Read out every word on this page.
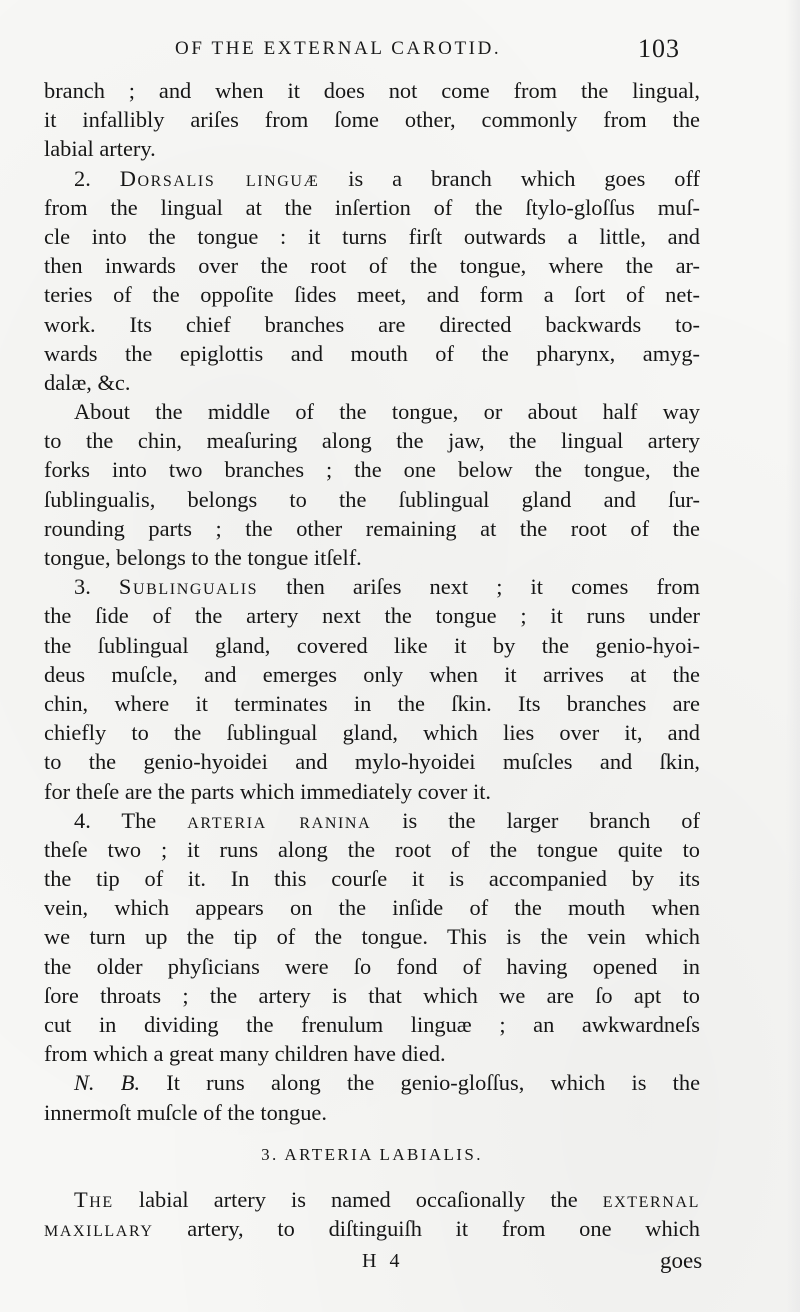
OF THE EXTERNAL CAROTID.	103

branch ; and when it does not come from the lingual,
it infallibly ariſes from ſome other, commonly from the
labial artery.

2. Dorsalis linguæ is a branch which goes off
from the lingual at the inſertion of the ſtylo-gloſſus muſ-
cle into the tongue : it turns firſt outwards a little, and
then inwards over the root of the tongue, where the ar-
teries of the oppoſite ſides meet, and form a ſort of net-
work. Its chief branches are directed backwards to-
wards the epiglottis and mouth of the pharynx, amyg-
dalæ, &c.

About the middle of the tongue, or about half way
to the chin, meaſuring along the jaw, the lingual artery
forks into two branches ; the one below the tongue, the
ſublingualis, belongs to the ſublingual gland and ſur-
rounding parts ; the other remaining at the root of the
tongue, belongs to the tongue itſelf.

3. Sublingualis then ariſes next ; it comes from
the ſide of the artery next the tongue ; it runs under
the ſublingual gland, covered like it by the genio-hyoi-
deus muſcle, and emerges only when it arrives at the
chin, where it terminates in the ſkin. Its branches are
chiefly to the ſublingual gland, which lies over it, and
to the genio-hyoidei and mylo-hyoidei muſcles and ſkin,
for theſe are the parts which immediately cover it.

4. The arteria ranina is the larger branch of
theſe two ; it runs along the root of the tongue quite to
the tip of it. In this courſe it is accompanied by its
vein, which appears on the inſide of the mouth when
we turn up the tip of the tongue. This is the vein which
the older phyſicians were ſo fond of having opened in
ſore throats ; the artery is that which we are ſo apt to
cut in dividing the frenulum linguæ ; an awkwardneſs
from which a great many children have died.

N. B. It runs along the genio-gloſſus, which is the
innermoſt muſcle of the tongue.

3. ARTERIA LABIALIS.

The labial artery is named occaſionally the external
maxillary artery, to diſtinguiſh it from one which

H 4	goes
